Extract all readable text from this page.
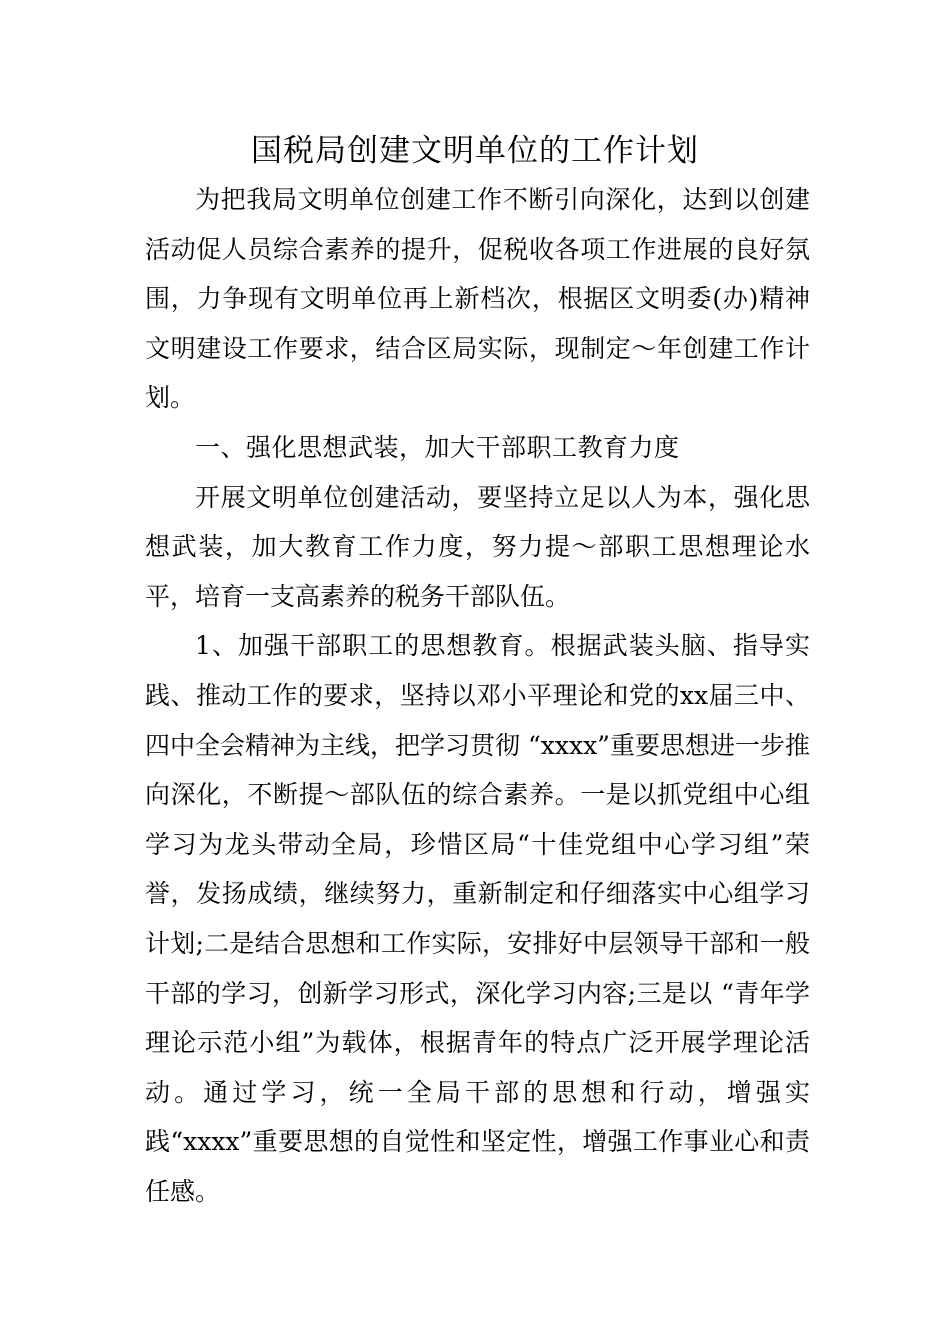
国税局创建文明单位的工作计划

为把我局文明单位创建工作不断引向深化，达到以创建活动促人员综合素养的提升，促税收各项工作进展的良好氛围，力争现有文明单位再上新档次，根据区文明委(办)精神文明建设工作要求，结合区局实际，现制定～年创建工作计划。

一、强化思想武装，加大干部职工教育力度

开展文明单位创建活动，要坚持立足以人为本，强化思想武装，加大教育工作力度，努力提～部职工思想理论水平，培育一支高素养的税务干部队伍。

1、加强干部职工的思想教育。根据武装头脑、指导实践、推动工作的要求，坚持以邓小平理论和党的xx届三中、四中全会精神为主线，把学习贯彻 “xxxx”重要思想进一步推向深化，不断提～部队伍的综合素养。一是以抓党组中心组学习为龙头带动全局，珍惜区局“十佳党组中心学习组”荣誉，发扬成绩，继续努力，重新制定和仔细落实中心组学习计划;二是结合思想和工作实际，安排好中层领导干部和一般干部的学习，创新学习形式，深化学习内容;三是以 “青年学理论示范小组”为载体，根据青年的特点广泛开展学理论活动。通过学习，统一全局干部的思想和行动，增强实践“xxxx”重要思想的自觉性和坚定性，增强工作事业心和责任感。
